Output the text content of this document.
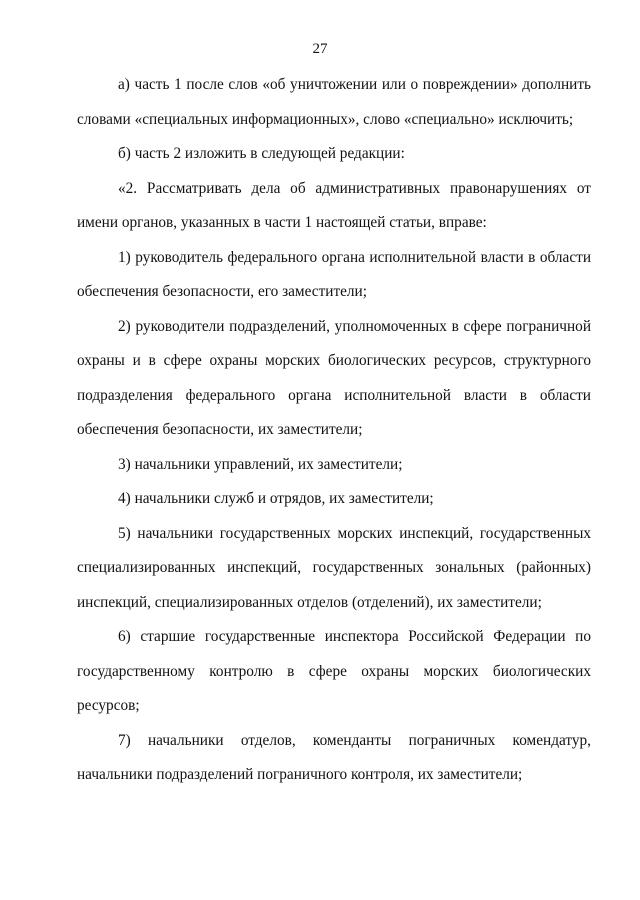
27

а) часть 1 после слов «об уничтожении или о повреждении» дополнить словами «специальных информационных», слово «специально» исключить;

б) часть 2 изложить в следующей редакции:

«2. Рассматривать дела об административных правонарушениях от имени органов, указанных в части 1 настоящей статьи, вправе:

1) руководитель федерального органа исполнительной власти в области обеспечения безопасности, его заместители;

2) руководители подразделений, уполномоченных в сфере пограничной охраны и в сфере охраны морских биологических ресурсов, структурного подразделения федерального органа исполнительной власти в области обеспечения безопасности, их заместители;

3) начальники управлений, их заместители;

4) начальники служб и отрядов, их заместители;

5) начальники государственных морских инспекций, государственных специализированных инспекций, государственных зональных (районных) инспекций, специализированных отделов (отделений), их заместители;

6) старшие государственные инспектора Российской Федерации по государственному контролю в сфере охраны морских биологических ресурсов;

7) начальники отделов, коменданты пограничных комендатур, начальники подразделений пограничного контроля, их заместители;
